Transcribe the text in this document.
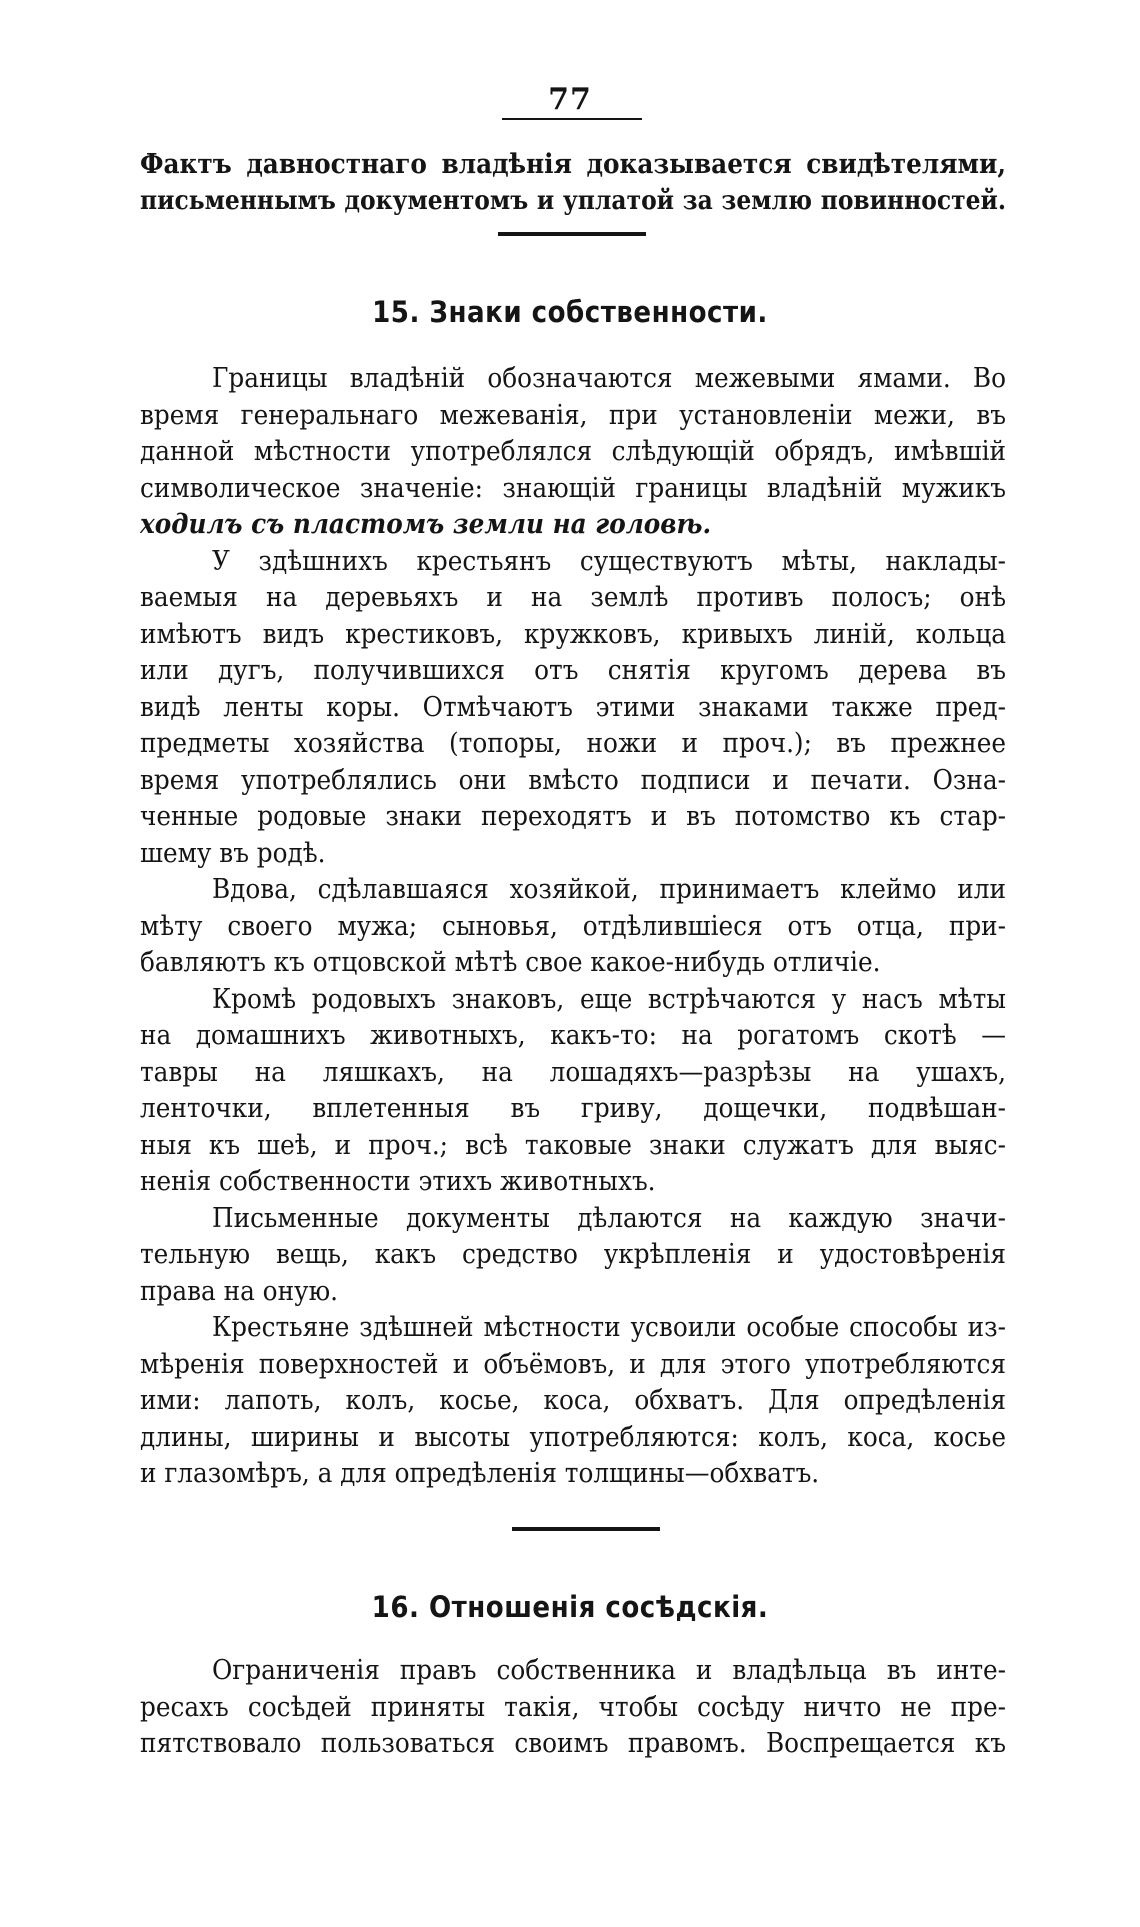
77
Фактъ давностнаго владѣнія доказывается свидѣтелями,
письменнымъ документомъ и уплатой за землю повинностей.
15. Знаки собственности.
Границы владѣній обозначаются межевыми ямами. Во
время генеральнаго межеванія, при установленіи межи, въ
данной мѣстности употреблялся слѣдующій обрядъ, имѣвшій
символическое значеніе: знающій границы владѣній мужикъ
ходилъ съ пластомъ земли на головѣ.
У здѣшнихъ крестьянъ существуютъ мѣты, наклады-
ваемыя на деревьяхъ и на землѣ противъ полосъ; онѣ
имѣютъ видъ крестиковъ, кружковъ, кривыхъ линій, кольца
или дугъ, получившихся отъ снятія кругомъ дерева въ
видѣ ленты коры. Отмѣчаютъ этими знаками также пред-
предметы хозяйства (топоры, ножи и проч.); въ прежнее
время употреблялись они вмѣсто подписи и печати. Озна-
ченные родовые знаки переходятъ и въ потомство къ стар-
шему въ родѣ.
Вдова, сдѣлавшаяся хозяйкой, принимаетъ клеймо или
мѣту своего мужа; сыновья, отдѣлившіеся отъ отца, при-
бавляютъ къ отцовской мѣтѣ свое какое-нибудь отличіе.
Кромѣ родовыхъ знаковъ, еще встрѣчаются у насъ мѣты
на домашнихъ животныхъ, какъ-то: на рогатомъ скотѣ —
тавры на ляшкахъ, на лошадяхъ—разрѣзы на ушахъ,
ленточки, вплетенныя въ гриву, дощечки, подвѣшан-
ныя къ шеѣ, и проч.; всѣ таковые знаки служатъ для выяс-
ненія собственности этихъ животныхъ.
Письменные документы дѣлаются на каждую значи-
тельную вещь, какъ средство укрѣпленія и удостовѣренія
права на оную.
Крестьяне здѣшней мѣстности усвоили особые способы из-
мѣренія поверхностей и объёмовъ, и для этого употребляются
ими: лапоть, колъ, косье, коса, обхватъ. Для опредѣленія
длины, ширины и высоты употребляются: колъ, коса, косье
и глазомѣръ, а для опредѣленія толщины—обхватъ.
16. Отношенія сосѣдскія.
Ограниченія правъ собственника и владѣльца въ инте-
ресахъ сосѣдей приняты такія, чтобы сосѣду ничто не пре-
пятствовало пользоваться своимъ правомъ. Воспрещается къ
